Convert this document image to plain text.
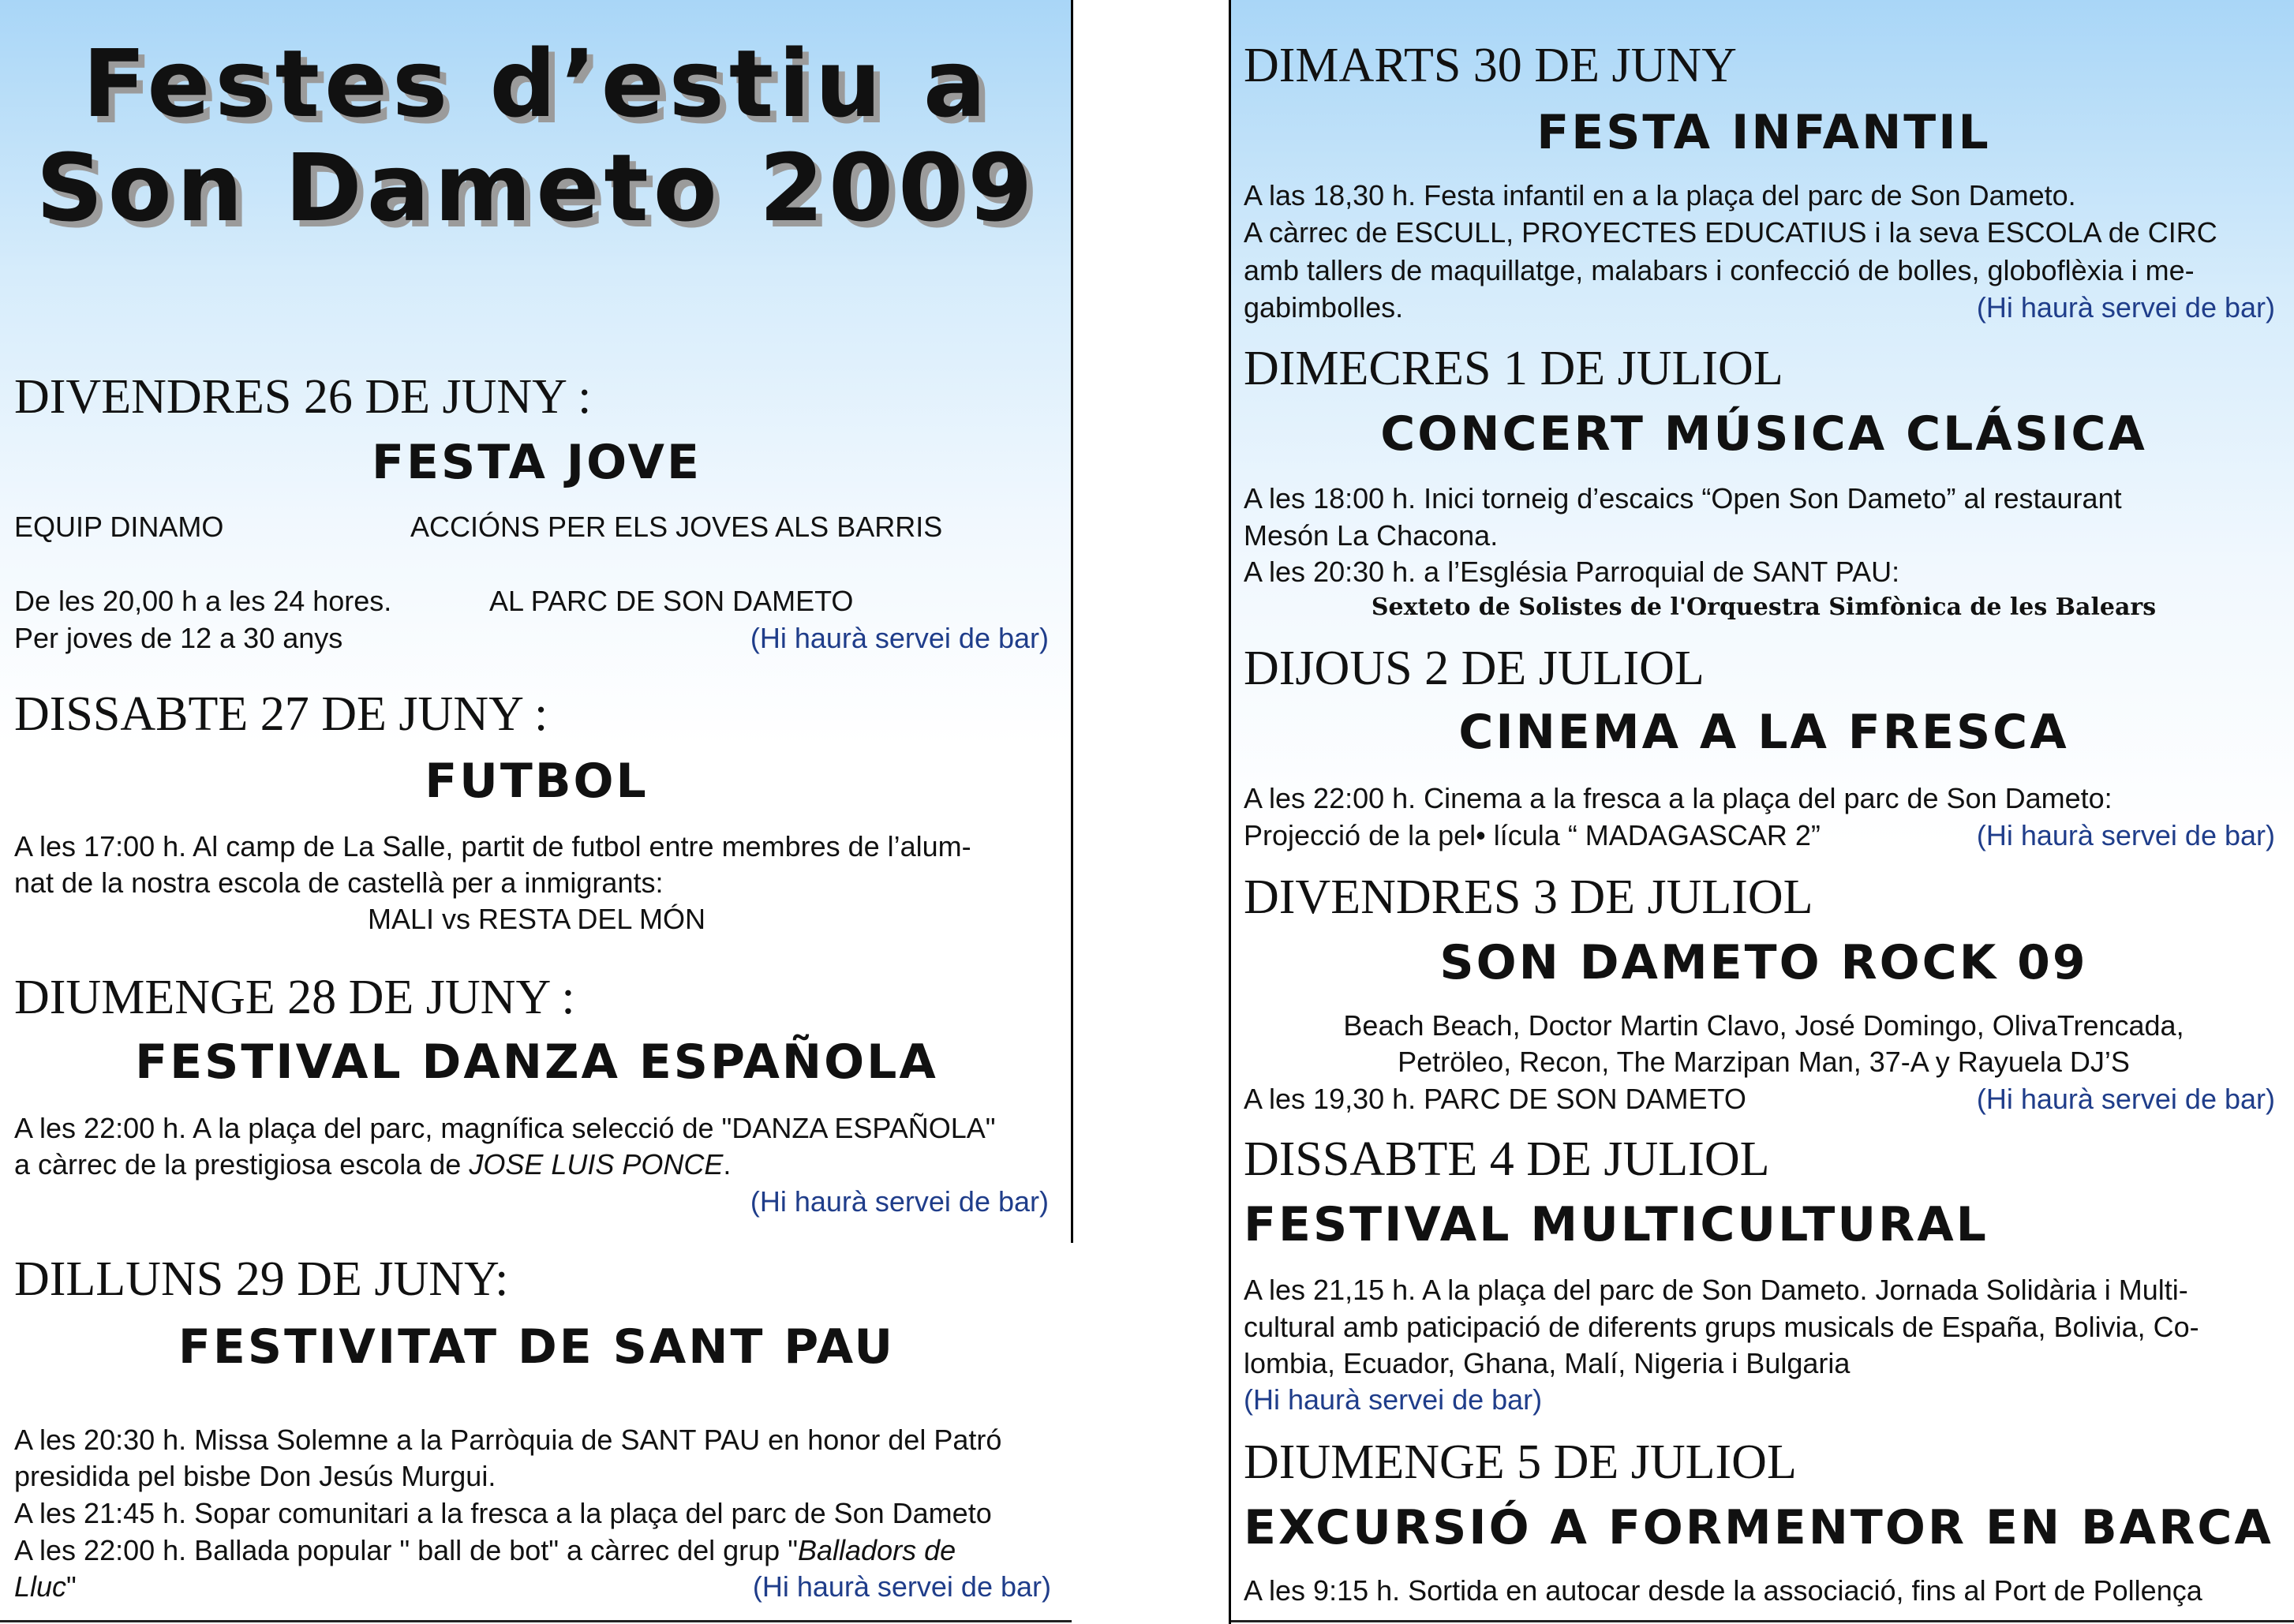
Festes d’estiu a
Son Dameto 2009
DIVENDRES 26 DE JUNY :
FESTA JOVE
EQUIP DINAMO	ACCIÓNS PER ELS JOVES ALS BARRIS
De les 20,00 h a les 24 hores.	AL PARC DE SON DAMETO
Per joves de 12 a 30 anys	(Hi haurà servei de bar)
DISSABTE 27 DE JUNY :
FUTBOL
A les 17:00 h. Al camp de La Salle, partit de futbol entre membres de l’alum-
nat de la nostra escola de castellà per a inmigrants:
MALI vs RESTA DEL MÓN
DIUMENGE 28 DE JUNY :
FESTIVAL DANZA ESPAÑOLA
A les 22:00 h. A la plaça del parc, magnífica selecció de "DANZA ESPAÑOLA"
a càrrec de la prestigiosa escola de JOSE LUIS PONCE.
(Hi haurà servei de bar)
DILLUNS 29 DE JUNY:
FESTIVITAT DE SANT PAU
A les 20:30 h. Missa Solemne a la Parròquia de SANT PAU en honor del Patró
presidida pel bisbe Don Jesús Murgui.
A les 21:45 h. Sopar comunitari a la fresca a la plaça del parc de Son Dameto
A les 22:00 h. Ballada popular " ball de bot" a càrrec del grup "Balladors de
Lluc"	(Hi haurà servei de bar)
DIMARTS 30 DE JUNY
FESTA INFANTIL
A las 18,30 h. Festa infantil en a la plaça del parc de Son Dameto.
A càrrec de ESCULL, PROYECTES EDUCATIUS i la seva ESCOLA de CIRC
amb tallers de maquillatge, malabars i confecció de bolles, globoflèxia i me-
gabimbolles.	(Hi haurà servei de bar)
DIMECRES 1 DE JULIOL
CONCERT MÚSICA CLÁSICA
A les 18:00 h. Inici torneig d’escaics “Open Son Dameto” al restaurant
Mesón La Chacona.
A les 20:30 h. a l’Església Parroquial de SANT PAU:
Sexteto de Solistes de l'Orquestra Simfònica de les Balears
DIJOUS 2 DE JULIOL
CINEMA A LA FRESCA
A les 22:00 h. Cinema a la fresca a la plaça del parc de Son Dameto:
Projecció de la pel• lícula “ MADAGASCAR 2”	(Hi haurà servei de bar)
DIVENDRES 3 DE JULIOL
SON DAMETO ROCK 09
Beach Beach, Doctor Martin Clavo, José Domingo, OlivaTrencada,
Petröleo, Recon, The Marzipan Man, 37-A y Rayuela DJ’S
A les 19,30 h. PARC DE SON DAMETO	(Hi haurà servei de bar)
DISSABTE 4 DE JULIOL
FESTIVAL MULTICULTURAL
A les 21,15 h. A la plaça del parc de Son Dameto. Jornada Solidària i Multi-
cultural amb paticipació de diferents grups musicals de España, Bolivia, Co-
lombia, Ecuador, Ghana, Malí, Nigeria i Bulgaria
(Hi haurà servei de bar)
DIUMENGE 5 DE JULIOL
EXCURSIÓ A FORMENTOR EN BARCA
A les 9:15 h. Sortida en autocar desde la associació, fins al Port de Pollença
